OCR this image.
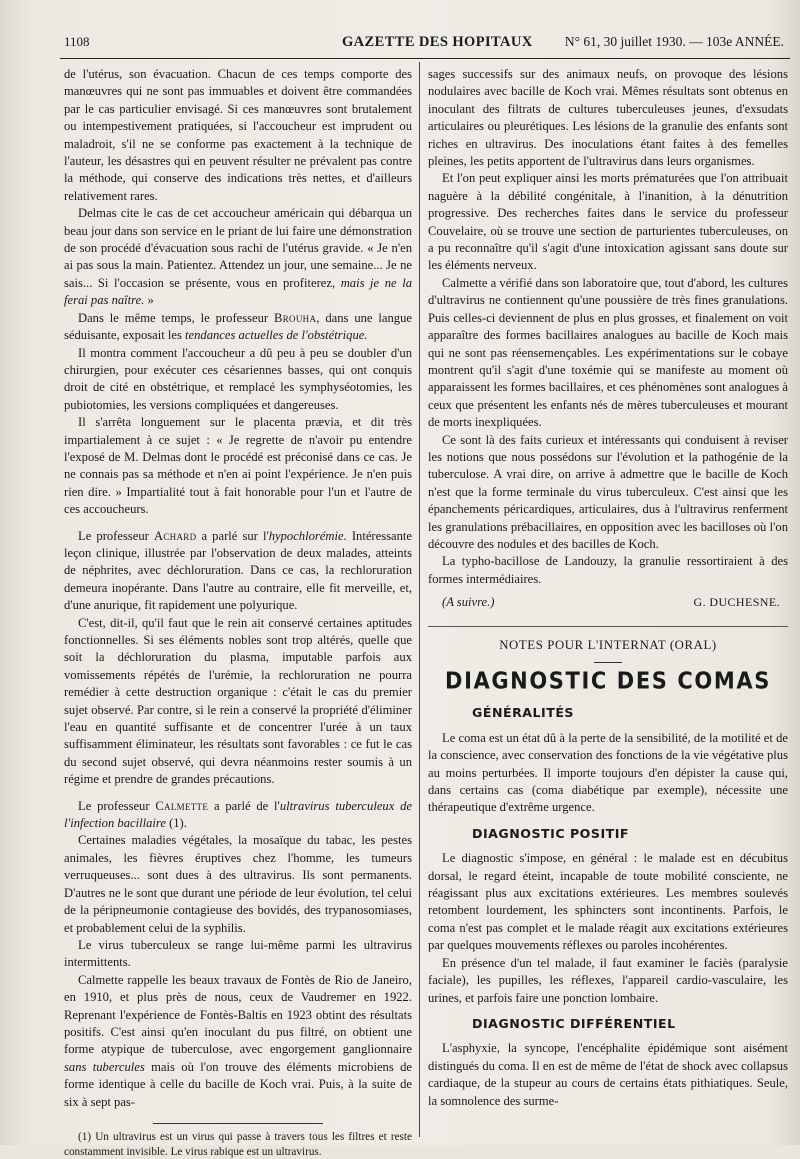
1108	GAZETTE DES HOPITAUX N° 61, 30 juillet 1930. — 103e ANNÉE.

de l'utérus, son évacuation. Chacun de ces temps comporte des manœuvres qui ne sont pas immuables et doivent être commandées par le cas particulier envisagé. Si ces manœuvres sont brutalement ou intempestivement pratiquées, si l'accoucheur est imprudent ou maladroit, s'il ne se conforme pas exactement à la technique de l'auteur, les désastres qui en peuvent résulter ne prévalent pas contre la méthode, qui conserve des indications très nettes, et d'ailleurs relativement rares.

Delmas cite le cas de cet accoucheur américain qui débarqua un beau jour dans son service en le priant de lui faire une démonstration de son procédé d'évacuation sous rachi de l'utérus gravide. « Je n'en ai pas sous la main. Patientez. Attendez un jour, une semaine... Je ne sais... Si l'occasion se présente, vous en profiterez, mais je ne la ferai pas naître. »

Dans le même temps, le professeur Brouha, dans une langue séduisante, exposait les tendances actuelles de l'obstétrique.

Il montra comment l'accoucheur a dû peu à peu se doubler d'un chirurgien, pour exécuter ces césariennes basses, qui ont conquis droit de cité en obstétrique, et remplacé les symphyséotomies, les pubiotomies, les versions compliquées et dangereuses.

Il s'arrêta longuement sur le placenta prævia, et dit très impartialement à ce sujet : « Je regrette de n'avoir pu entendre l'exposé de M. Delmas dont le procédé est préconisé dans ce cas. Je ne connais pas sa méthode et n'en ai point l'expérience. Je n'en puis rien dire. » Impartialité tout à fait honorable pour l'un et l'autre de ces accoucheurs.

Le professeur Achard a parlé sur l'hypochlorémie. Intéressante leçon clinique, illustrée par l'observation de deux malades, atteints de néphrites, avec déchloruration. Dans ce cas, la rechloruration demeura inopérante. Dans l'autre au contraire, elle fit merveille, et, d'une anurique, fit rapidement une polyurique.

C'est, dit-il, qu'il faut que le rein ait conservé certaines aptitudes fonctionnelles. Si ses éléments nobles sont trop altérés, quelle que soit la déchloruration du plasma, imputable parfois aux vomissements répétés de l'urémie, la rechloruration ne pourra remédier à cette destruction organique : c'était le cas du premier sujet observé. Par contre, si le rein a conservé la propriété d'éliminer l'eau en quantité suffisante et de concentrer l'urée à un taux suffisamment éliminateur, les résultats sont favorables : ce fut le cas du second sujet observé, qui devra néanmoins rester soumis à un régime et prendre de grandes précautions.

Le professeur Calmette a parlé de l'ultravirus tuberculeux de l'infection bacillaire (1).

Certaines maladies végétales, la mosaïque du tabac, les pestes animales, les fièvres éruptives chez l'homme, les tumeurs verruqueuses... sont dues à des ultravirus. Ils sont permanents. D'autres ne le sont que durant une période de leur évolution, tel celui de la péripneumonie contagieuse des bovidés, des trypanosomiases, et probablement celui de la syphilis.

Le virus tuberculeux se range lui-même parmi les ultravirus intermittents.

Calmette rappelle les beaux travaux de Fontès de Rio de Janeiro, en 1910, et plus près de nous, ceux de Vaudremer en 1922. Reprenant l'expérience de Fontès-Baltis en 1923 obtint des résultats positifs. C'est ainsi qu'en inoculant du pus filtré, on obtient une forme atypique de tuberculose, avec engorgement ganglionnaire sans tubercules mais où l'on trouve des éléments microbiens de forme identique à celle du bacille de Koch vrai. Puis, à la suite de six à sept pas-

(1) Un ultravirus est un virus qui passe à travers tous les filtres et reste constamment invisible. Le virus rabique est un ultravirus.

sages successifs sur des animaux neufs, on provoque des lésions nodulaires avec bacille de Koch vrai. Mêmes résultats sont obtenus en inoculant des filtrats de cultures tuberculeuses jeunes, d'exsudats articulaires ou pleurétiques. Les lésions de la granulie des enfants sont riches en ultravirus. Des inoculations étant faites à des femelles pleines, les petits apportent de l'ultravirus dans leurs organismes.

Et l'on peut expliquer ainsi les morts prématurées que l'on attribuait naguère à la débilité congénitale, à l'inanition, à la dénutrition progressive. Des recherches faites dans le service du professeur Couvelaire, où se trouve une section de parturientes tuberculeuses, on a pu reconnaître qu'il s'agit d'une intoxication agissant sans doute sur les éléments nerveux.

Calmette a vérifié dans son laboratoire que, tout d'abord, les cultures d'ultravirus ne contiennent qu'une poussière de très fines granulations. Puis celles-ci deviennent de plus en plus grosses, et finalement on voit apparaître des formes bacillaires analogues au bacille de Koch mais qui ne sont pas réensemençables. Les expérimentations sur le cobaye montrent qu'il s'agit d'une toxémie qui se manifeste au moment où apparaissent les formes bacillaires, et ces phénomènes sont analogues à ceux que présentent les enfants nés de mères tuberculeuses et mourant de morts inexpliquées.

Ce sont là des faits curieux et intéressants qui conduisent à reviser les notions que nous possédons sur l'évolution et la pathogénie de la tuberculose. A vrai dire, on arrive à admettre que le bacille de Koch n'est que la forme terminale du virus tuberculeux. C'est ainsi que les épanchements péricardiques, articulaires, dus à l'ultravirus renferment les granulations prébacillaires, en opposition avec les bacilloses où l'on découvre des nodules et des bacilles de Koch.

La typho-bacillose de Landouzy, la granulie ressortiraient à des formes intermédiaires.

(A suivre.)	G. DUCHESNE.
NOTES POUR L'INTERNAT (ORAL)
DIAGNOSTIC DES COMAS
GÉNÉRALITÉS

Le coma est un état dû à la perte de la sensibilité, de la motilité et de la conscience, avec conservation des fonctions de la vie végétative plus au moins perturbées. Il importe toujours d'en dépister la cause qui, dans certains cas (coma diabétique par exemple), nécessite une thérapeutique d'extrême urgence.

DIAGNOSTIC POSITIF

Le diagnostic s'impose, en général : le malade est en décubitus dorsal, le regard éteint, incapable de toute mobilité consciente, ne réagissant plus aux excitations extérieures. Les membres soulevés retombent lourdement, les sphincters sont incontinents. Parfois, le coma n'est pas complet et le malade réagit aux excitations extérieures par quelques mouvements réflexes ou paroles incohérentes.

En présence d'un tel malade, il faut examiner le faciès (paralysie faciale), les pupilles, les réflexes, l'appareil cardio-vasculaire, les urines, et parfois faire une ponction lombaire.

DIAGNOSTIC DIFFÉRENTIEL

L'asphyxie, la syncope, l'encéphalite épidémique sont aisément distingués du coma. Il en est de même de l'état de shock avec collapsus cardiaque, de la stupeur au cours de certains états pithiatiques. Seule, la somnolence des surme-
